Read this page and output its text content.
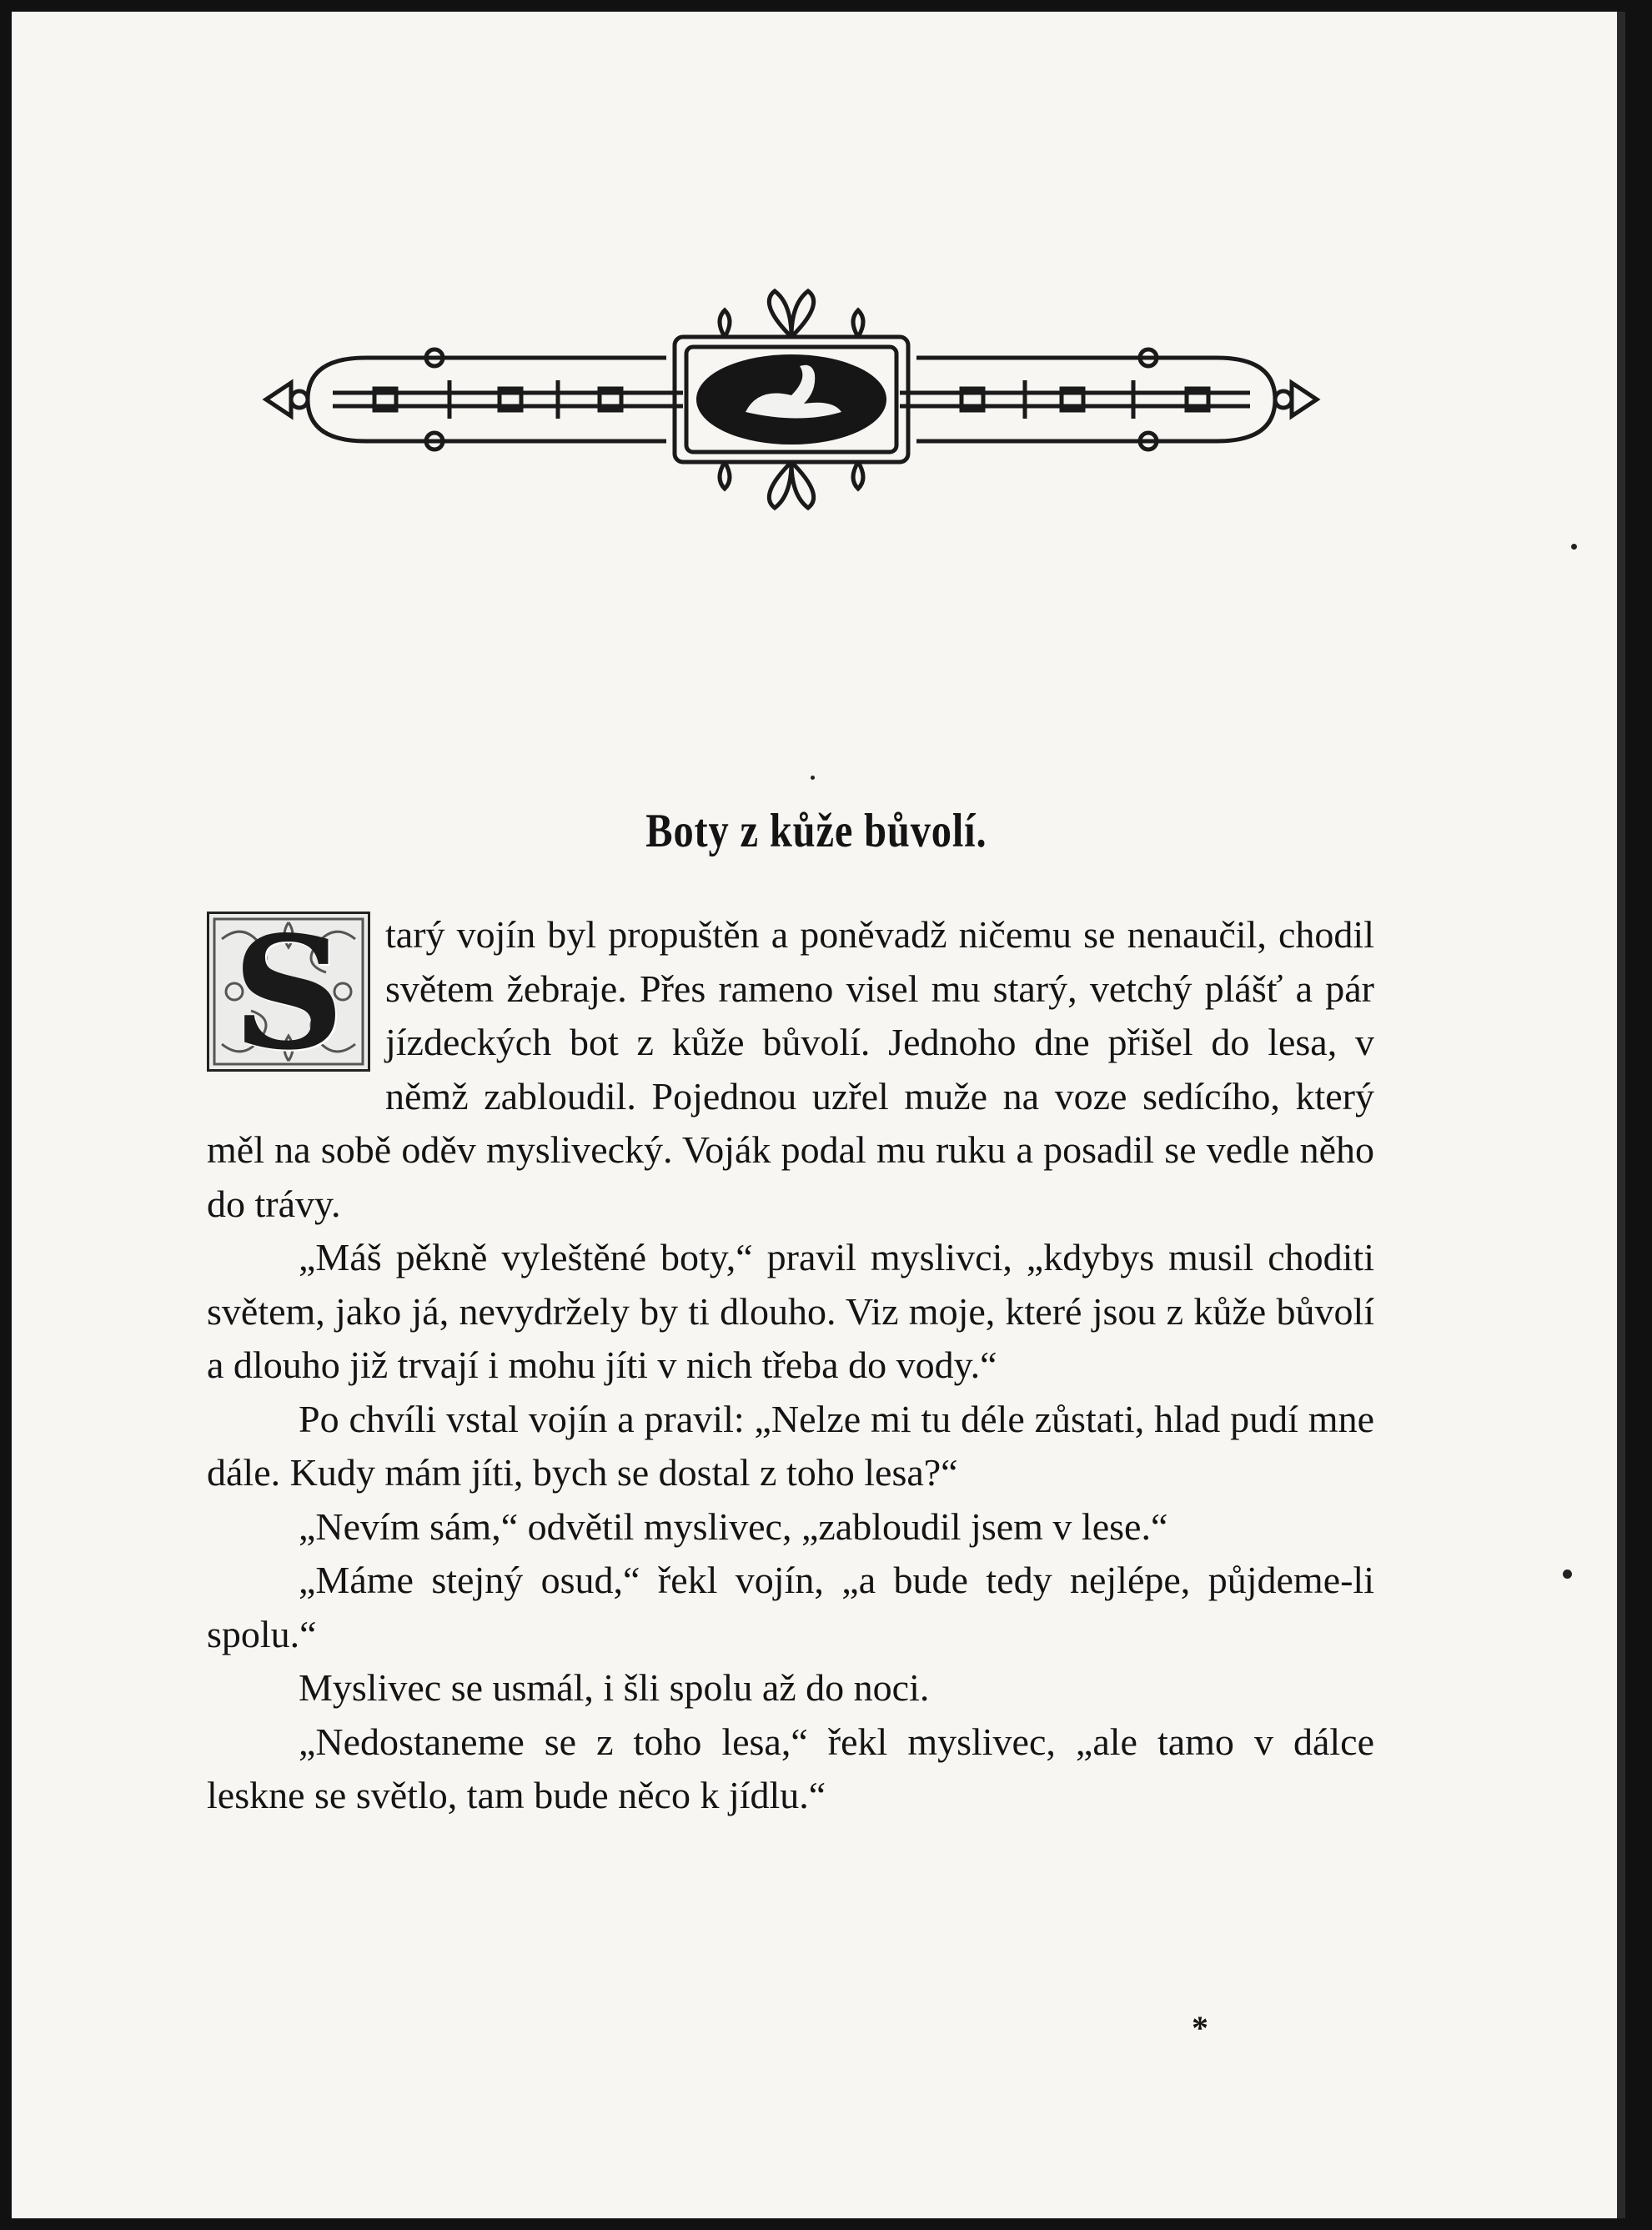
Boty z kůže bůvolí.

S	tarý vojín byl propuštěn a poněvadž ničemu se nenaučil, chodil světem žebraje. Přes rameno visel mu starý, vetchý plášť a pár jízdeckých bot z kůže bůvolí. Jednoho dne přišel do lesa, v němž zabloudil. Pojednou uzřel muže na voze sedícího, který měl na sobě oděv myslivecký. Voják podal mu ruku a posadil se vedle něho do trávy.

„Máš pěkně vyleštěné boty,“ pravil myslivci, „kdybys musil choditi světem, jako já, nevydržely by ti dlouho. Viz moje, které jsou z kůže bůvolí a dlouho již trvají i mohu jíti v nich třeba do vody.“

Po chvíli vstal vojín a pravil: „Nelze mi tu déle zůstati, hlad pudí mne dále. Kudy mám jíti, bych se dostal z toho lesa?“

„Nevím sám,“ odvětil myslivec, „zabloudil jsem v lese.“

„Máme stejný osud,“ řekl vojín, „a bude tedy nejlépe, půjdeme-li spolu.“

Myslivec se usmál, i šli spolu až do noci.

„Nedostaneme se z toho lesa,“ řekl myslivec, „ale tamo v dálce leskne se světlo, tam bude něco k jídlu.“

*
